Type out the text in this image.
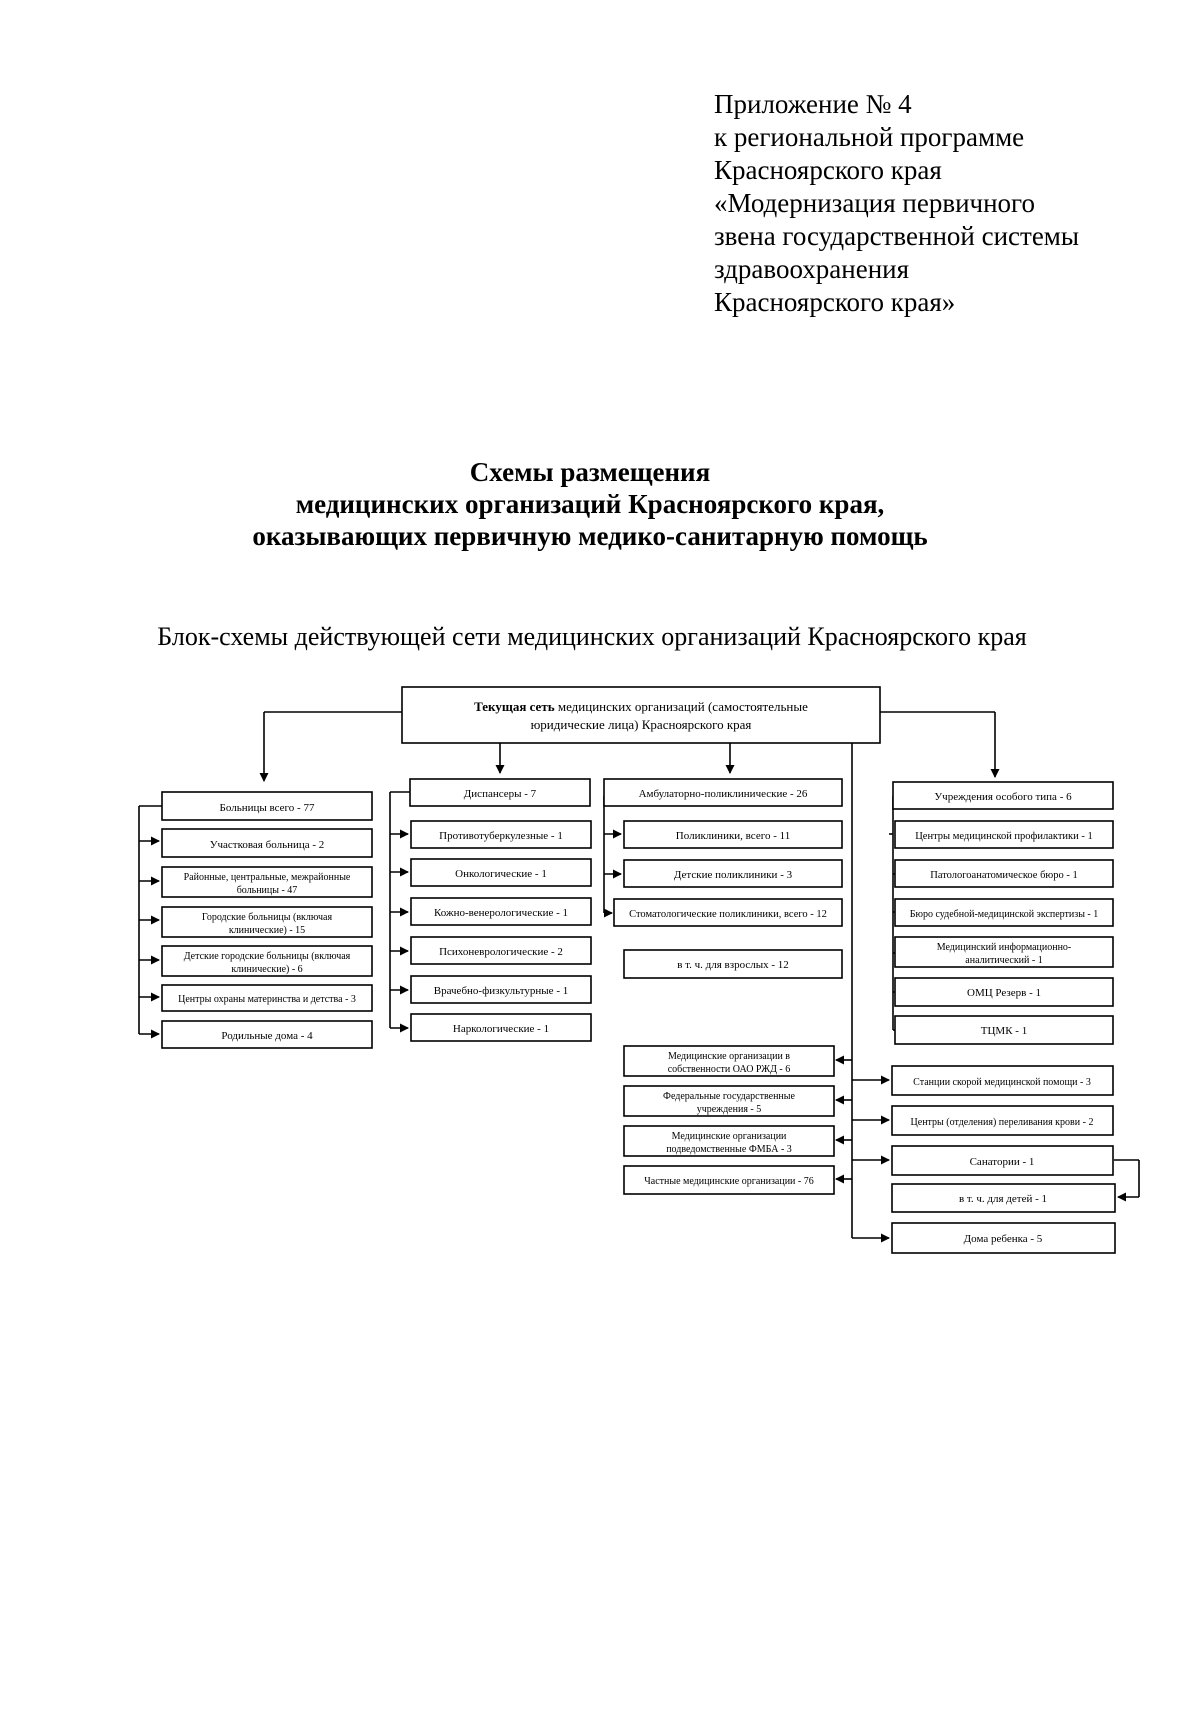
Приложение № 4
к региональной программе
Красноярского края
«Модернизация первичного
звена государственной системы
здравоохранения
Красноярского края»
Схемы размещения
медицинских организаций Красноярского края,
оказывающих первичную медико-санитарную помощь
Блок-схемы действующей сети медицинских организаций Красноярского края
Текущая сеть медицинских организаций (самостоятельные
юридические лица) Красноярского края
Больницы всего - 77
Участковая больница - 2
Районные, центральные, межрайонные
больницы - 47
Городские больницы (включая
клинические) - 15
Детские городские больницы (включая
клинические) - 6
Центры охраны материнства и детства - 3
Родильные дома - 4
Диспансеры - 7
Противотуберкулезные - 1
Онкологические - 1
Кожно-венерологические - 1
Психоневрологические - 2
Врачебно-физкультурные - 1
Наркологические - 1
Амбулаторно-поликлинические - 26
Поликлиники, всего - 11
Детские поликлиники - 3
Стоматологические поликлиники, всего - 12
в т. ч. для взрослых - 12
Учреждения особого типа - 6
Центры медицинской профилактики - 1
Патологоанатомическое бюро - 1
Бюро судебной-медицинской экспертизы - 1
Медицинский информационно-
аналитический - 1
ОМЦ Резерв - 1
ТЦМК - 1
Медицинские организации в
собственности ОАО РЖД - 6
Федеральные государственные
учреждения - 5
Медицинские организации
подведомственные ФМБА - 3
Частные медицинские организации - 76
Станции скорой медицинской помощи - 3
Центры (отделения) переливания крови - 2
Санатории - 1
в т. ч. для детей - 1
Дома ребенка - 5
